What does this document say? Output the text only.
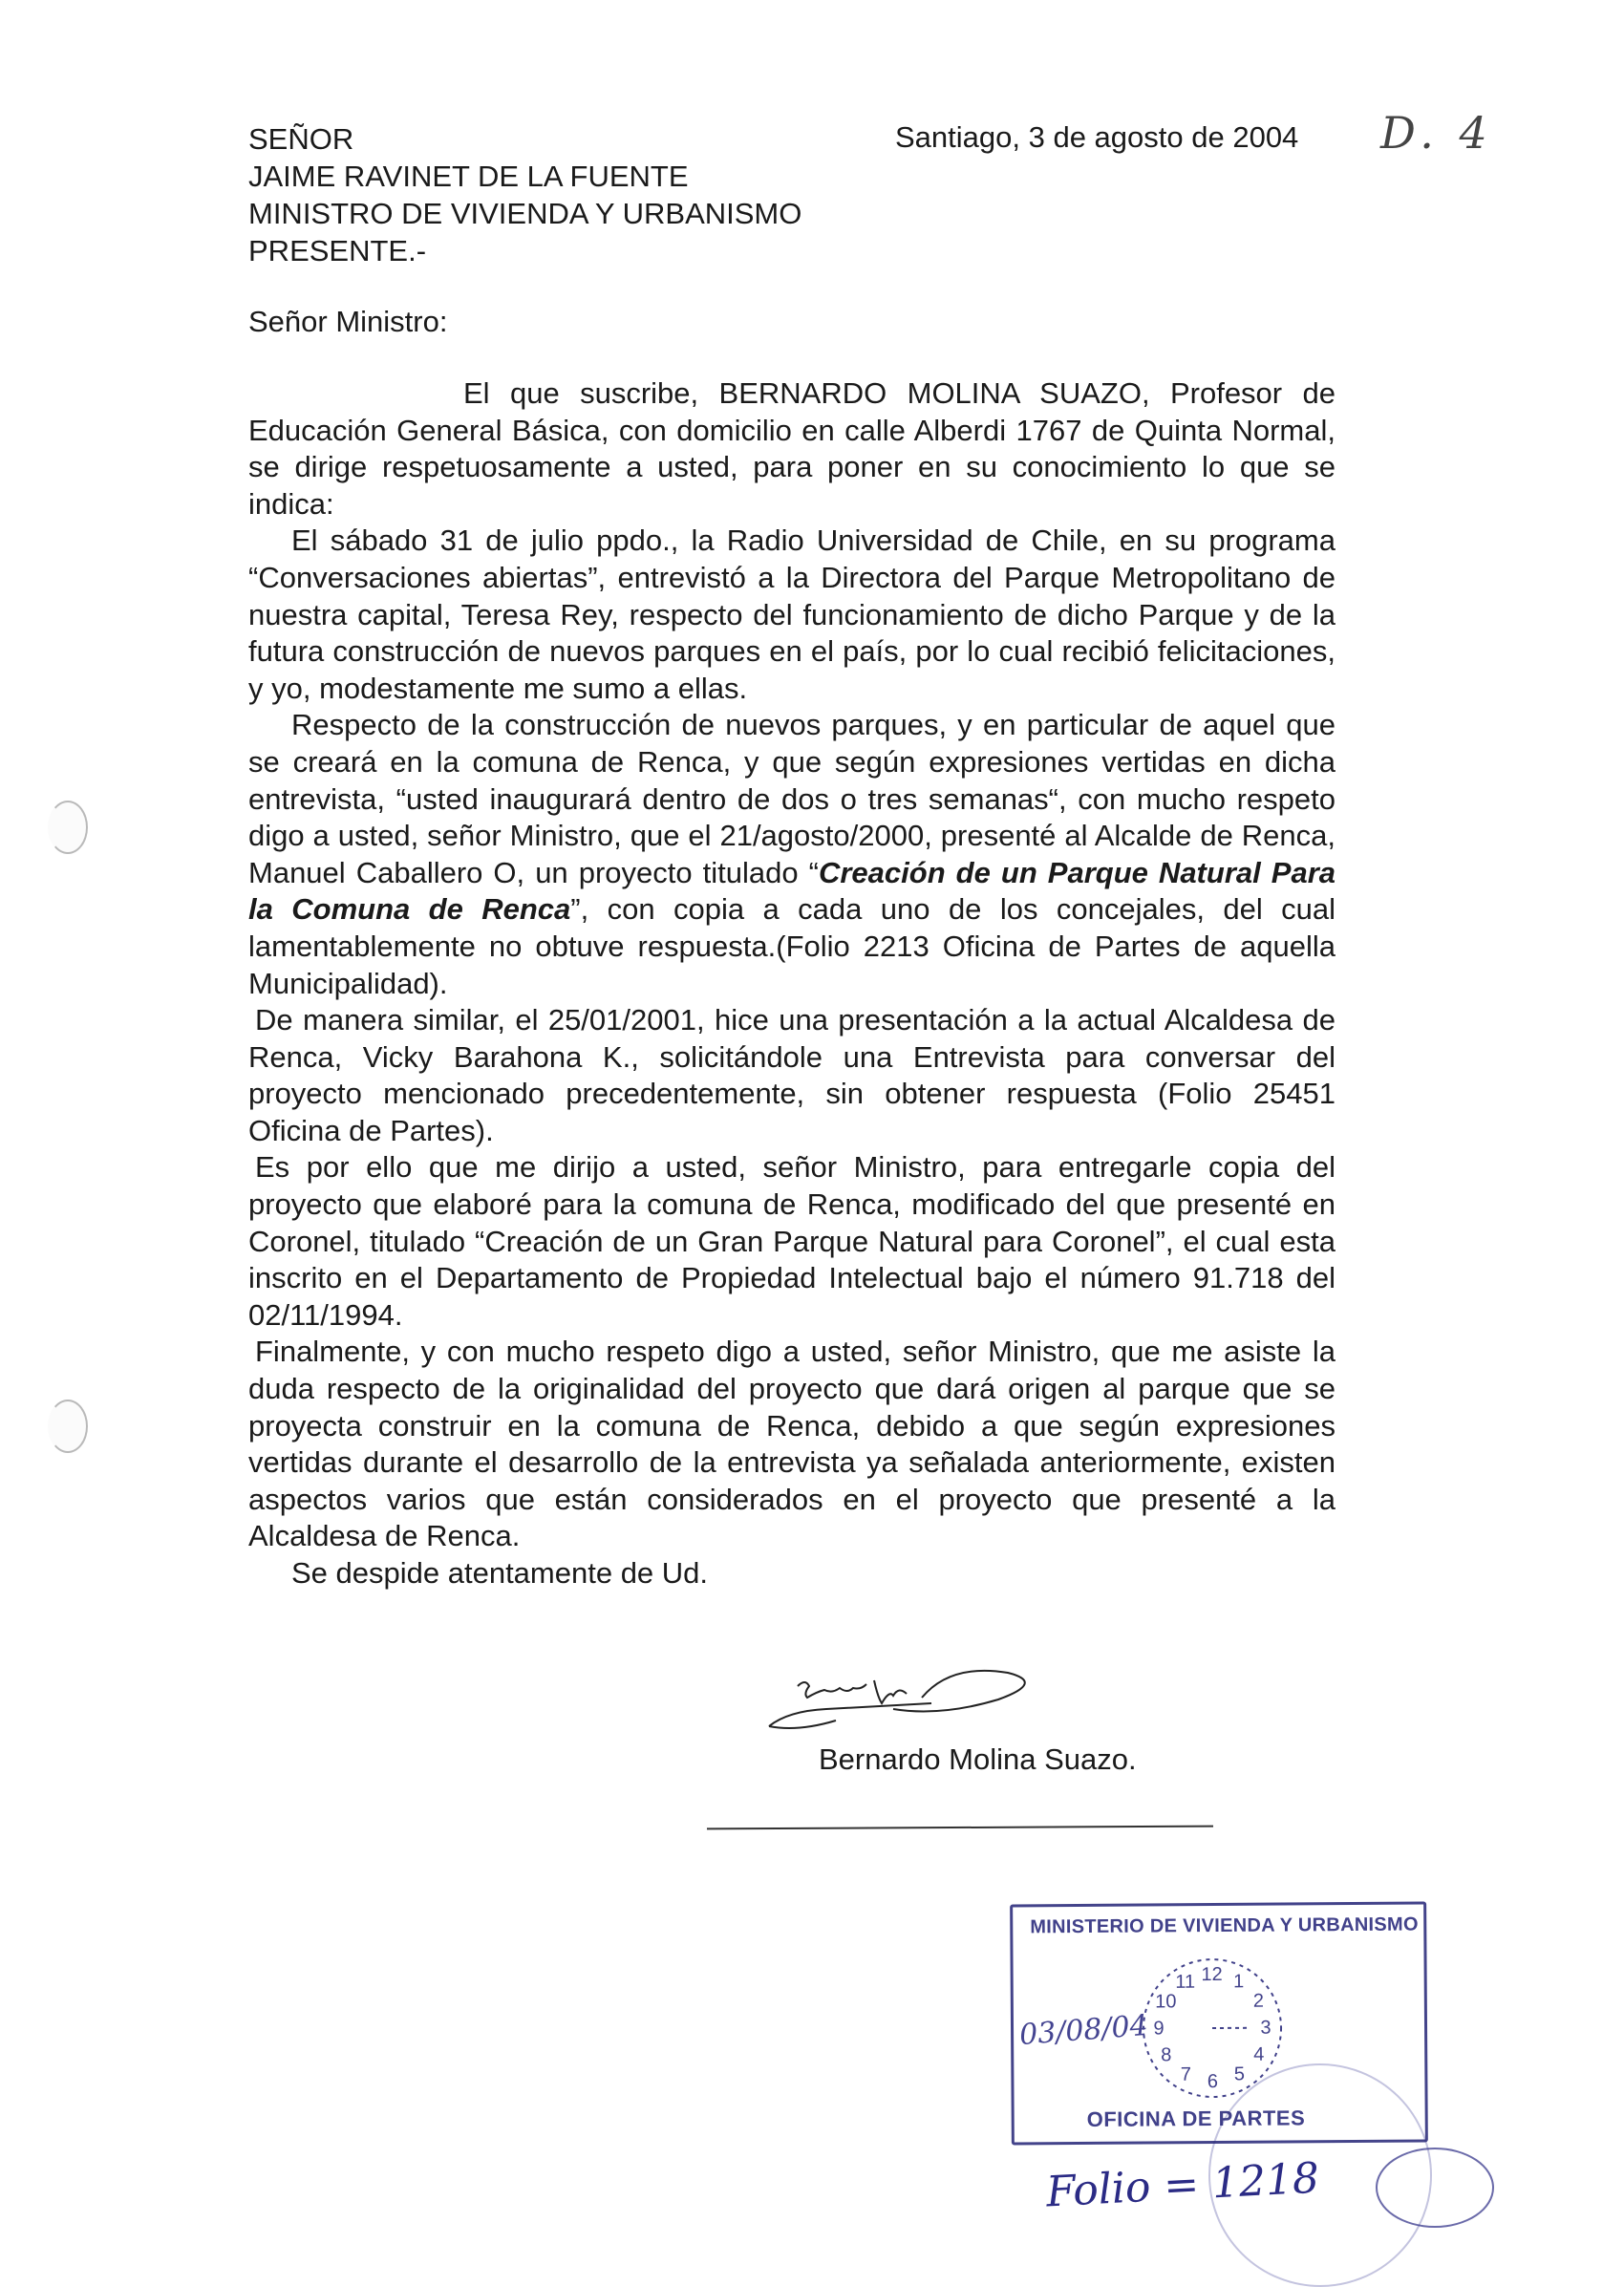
D. 4
Santiago, 3 de agosto de 2004
SEÑOR
JAIME RAVINET DE LA FUENTE
MINISTRO DE VIVIENDA Y URBANISMO
PRESENTE.-
Señor Ministro:

El que suscribe, BERNARDO MOLINA SUAZO, Profesor de Educación General Básica, con domicilio en calle Alberdi 1767 de Quinta Normal, se dirige respetuosamente a usted, para poner en su conocimiento lo que se indica:

El sábado 31 de julio ppdo., la Radio Universidad de Chile, en su programa “Conversaciones abiertas”, entrevistó a la Directora del Parque Metropolitano de nuestra capital, Teresa Rey, respecto del funcionamiento de dicho Parque y de la futura construcción de nuevos parques en el país, por lo cual recibió felicitaciones, y yo, modestamente me sumo a ellas.

Respecto de la construcción de nuevos parques, y en particular de aquel que se creará en la comuna de Renca, y que según expresiones vertidas en dicha entrevista, “usted inaugurará dentro de dos o tres semanas“, con mucho respeto digo a usted, señor Ministro, que el 21/agosto/2000, presenté al Alcalde de Renca, Manuel Caballero O, un proyecto titulado “Creación de un Parque Natural Para la Comuna de Renca”, con copia a cada uno de los concejales, del cual lamentablemente no obtuve respuesta.(Folio 2213 Oficina de Partes de aquella Municipalidad).

De manera similar, el 25/01/2001, hice una presentación a la actual Alcaldesa de Renca, Vicky Barahona K., solicitándole una Entrevista para conversar del proyecto mencionado precedentemente, sin obtener respuesta (Folio 25451 Oficina de Partes).

Es por ello que me dirijo a usted, señor Ministro, para entregarle copia del proyecto que elaboré para la comuna de Renca, modificado del que presenté en Coronel, titulado “Creación de un Gran Parque Natural para Coronel”, el cual esta inscrito en el Departamento de Propiedad Intelectual bajo el número 91.718 del 02/11/1994.

Finalmente, y con mucho respeto digo a usted, señor Ministro, que me asiste la duda respecto de la originalidad del proyecto que dará origen al parque que se proyecta construir en la comuna de Renca, debido a que según expresiones vertidas durante el desarrollo de la entrevista ya señalada anteriormente, existen aspectos varios que están considerados en el proyecto que presenté a la Alcaldesa de Renca.

Se despide atentamente de Ud.

Bernardo Molina Suazo.
MINISTERIO DE VIVIENDA Y URBANISMO
12 1
2
3
4
5
6
7
8
9
10
11
03/08/04
OFICINA DE PARTES
Folio = 1218
